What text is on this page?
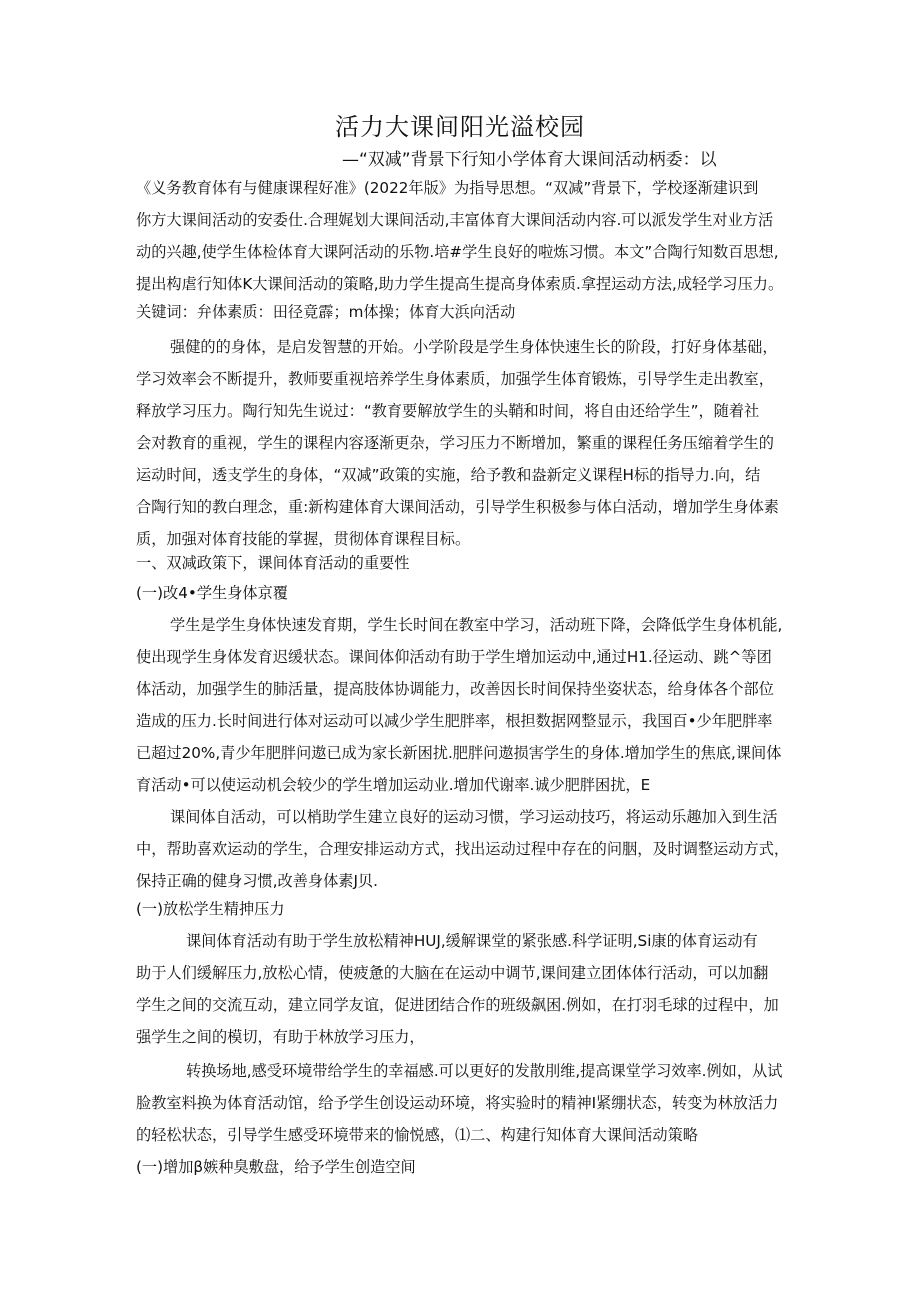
活力大课间阳光溢校园
—“双减”背景下行知小学体育大课间活动柄委：以
《义务教育体有与健康课程好准》(2022年版》为指导思想。“双减”背景下，学校逐渐建识到
你方大课间活动的安委仕.合理娓划大课间活动,丰富体育大课间活动内容.可以派发学生对业方活
动的兴趣,使学生体检体育大课阿活动的乐物.培#学生良好的啦炼习惯。本文”合陶行知数百思想,
提出构虐行知体K大课间活动的策略,助力学生提高生提高身体索质.拿捏运动方法,成轻学习压力。
关键词：弁体素质：田径竟霹；m体操；体育大浜向活动
强健的的身体，是启发智慧的开始。小学阶段是学生身体快速生长的阶段，打好身体基础，
学习效率会不断提升，教师要重视培养学生身体素质，加强学生体育锻炼，引导学生走出教室，
释放学习压力。陶行知先生说过：“教育要解放学生的头鞘和时间，将自由还给学生”，随着社
会对教育的重视，学生的课程内容逐渐更杂，学习压力不断增加，繁重的课程任务压缩着学生的
运动时间，透支学生的身体，“双减”政策的实施，给予教和盎新定义课程H标的指导力.向，结
合陶行知的教白理念，重:新构建体育大课间活动，引导学生积极参与体白活动，增加学生身体素
质，加强对体育技能的掌握，贯彻体育课程目标。
一、双减政策下，课间体育活动的重要性
(一)改4•学生身体京覆
学生是学生身体快速发育期，学生长时间在教室中学习，活动班下降，会降低学生身体机能,
使出现学生身体发育迟缓状态。课间体仰活动有助于学生增加运动中,通过H1.径运动、跳^等团
体活动，加强学生的肺活量，提高肢体协调能力，改善因长时间保持坐姿状态，给身体各个部位
造成的压力.长时间进行体对运动可以减少学生肥胖率，根担数据网整显示，我国百•少年肥胖率
已超过20%,青少年肥胖问遨已成为家长新困扰.肥胖问遨损害学生的身体.增加学生的焦底,课间体
育活动•可以使运动机会较少的学生增加运动业.增加代谢率.诚少肥胖困扰，E
课间体自活动，可以梢助学生建立良好的运动习惯，学习运动技巧，将运动乐趣加入到生活
中，帮助喜欢运动的学生，合理安排运动方式，找出运动过程中存在的问胭，及时调整运动方式，
保持正确的健身习惯,改善身体素J贝.
(一)放松学生精抻压力
课间体育活动有助于学生放松精神HUJ,缓解课堂的紧张感.科学证明,Si康的体育运动有
助于人们缓解压力,放松心情，使疲惫的大脑在在运动中调节,课间建立团体体行活动，可以加翻
学生之间的交流互动，建立同学友谊，促进团结合作的班级飙困.例如，在打羽毛球的过程中，加
强学生之间的模切，有助于林放学习压力，
转换场地,感受环境带给学生的幸福感.可以更好的发散刖维,提高课堂学习效率.例如，从试
脸教室料换为体育活动馆，给予学生创设运动环境，将实验时的精神I紧绷状态，转变为林放活力
的轻松状态，引导学生感受环境带来的愉悦感，⑴二、构建行知体育大课间活动策略
(一)增加β嫉种臭敷盘，给予学生创造空间
